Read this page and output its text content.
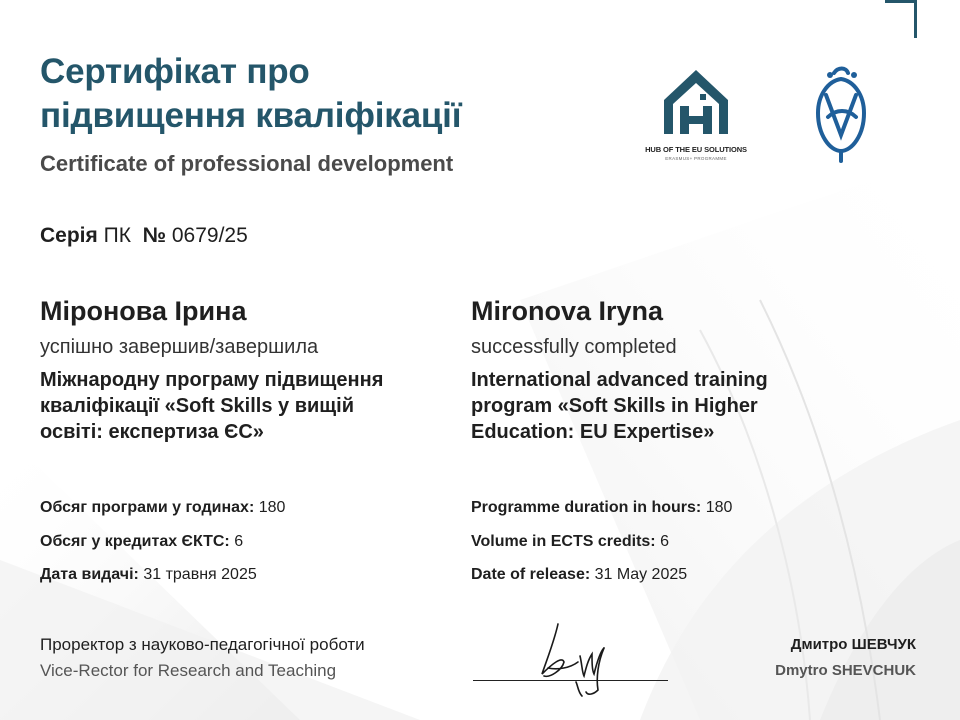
Сертифікат про
підвищення кваліфікації
Certificate of professional development
HUB OF THE EU SOLUTIONS
ERASMUS+ PROGRAMME
Серія ПК № 0679/25
Міронова Ірина
успішно завершив/завершила
Міжнародну програму підвищення кваліфікації «Soft Skills у вищій освіті: експертиза ЄС»
Mironova Iryna
successfully completed
International advanced training program «Soft Skills in Higher Education: EU Expertise»
Обсяг програми у годинах: 180
Обсяг у кредитах ЄКТС: 6
Дата видачі: 31 травня 2025
Programme duration in hours: 180
Volume in ECTS credits: 6
Date of release: 31 May 2025
Проректор з науково-педагогічної роботи
Vice-Rector for Research and Teaching
Дмитро ШЕВЧУК
Dmytro SHEVCHUK
